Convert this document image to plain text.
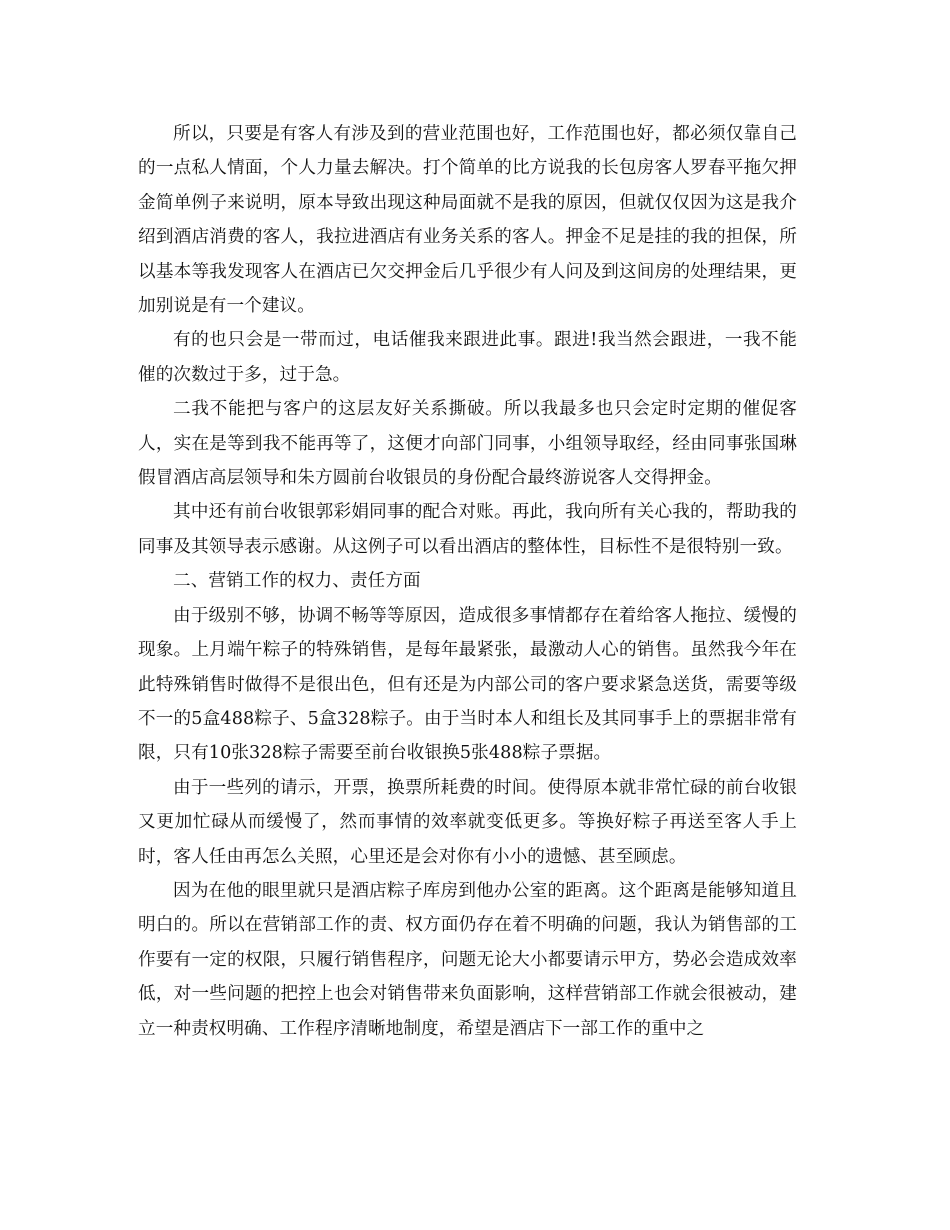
所以，只要是有客人有涉及到的营业范围也好，工作范围也好，都必须仅靠自己的一点私人情面，个人力量去解决。打个简单的比方说我的长包房客人罗春平拖欠押金简单例子来说明，原本导致出现这种局面就不是我的原因，但就仅仅因为这是我介绍到酒店消费的客人，我拉进酒店有业务关系的客人。押金不足是挂的我的担保，所以基本等我发现客人在酒店已欠交押金后几乎很少有人问及到这间房的处理结果，更加别说是有一个建议。

有的也只会是一带而过，电话催我来跟进此事。跟进!我当然会跟进，一我不能催的次数过于多，过于急。

二我不能把与客户的这层友好关系撕破。所以我最多也只会定时定期的催促客人，实在是等到我不能再等了，这便才向部门同事，小组领导取经，经由同事张国琳假冒酒店高层领导和朱方圆前台收银员的身份配合最终游说客人交得押金。

其中还有前台收银郭彩娟同事的配合对账。再此，我向所有关心我的，帮助我的同事及其领导表示感谢。从这例子可以看出酒店的整体性，目标性不是很特别一致。

二、营销工作的权力、责任方面

由于级别不够，协调不畅等等原因，造成很多事情都存在着给客人拖拉、缓慢的现象。上月端午粽子的特殊销售，是每年最紧张，最激动人心的销售。虽然我今年在此特殊销售时做得不是很出色，但有还是为内部公司的客户要求紧急送货，需要等级不一的5盒488粽子、5盒328粽子。由于当时本人和组长及其同事手上的票据非常有限，只有10张328粽子需要至前台收银换5张488粽子票据。

由于一些列的请示，开票，换票所耗费的时间。使得原本就非常忙碌的前台收银又更加忙碌从而缓慢了，然而事情的效率就变低更多。等换好粽子再送至客人手上时，客人任由再怎么关照，心里还是会对你有小小的遗憾、甚至顾虑。

因为在他的眼里就只是酒店粽子库房到他办公室的距离。这个距离是能够知道且明白的。所以在营销部工作的责、权方面仍存在着不明确的问题，我认为销售部的工作要有一定的权限，只履行销售程序，问题无论大小都要请示甲方，势必会造成效率低，对一些问题的把控上也会对销售带来负面影响，这样营销部工作就会很被动，建立一种责权明确、工作程序清晰地制度，希望是酒店下一部工作的重中之
